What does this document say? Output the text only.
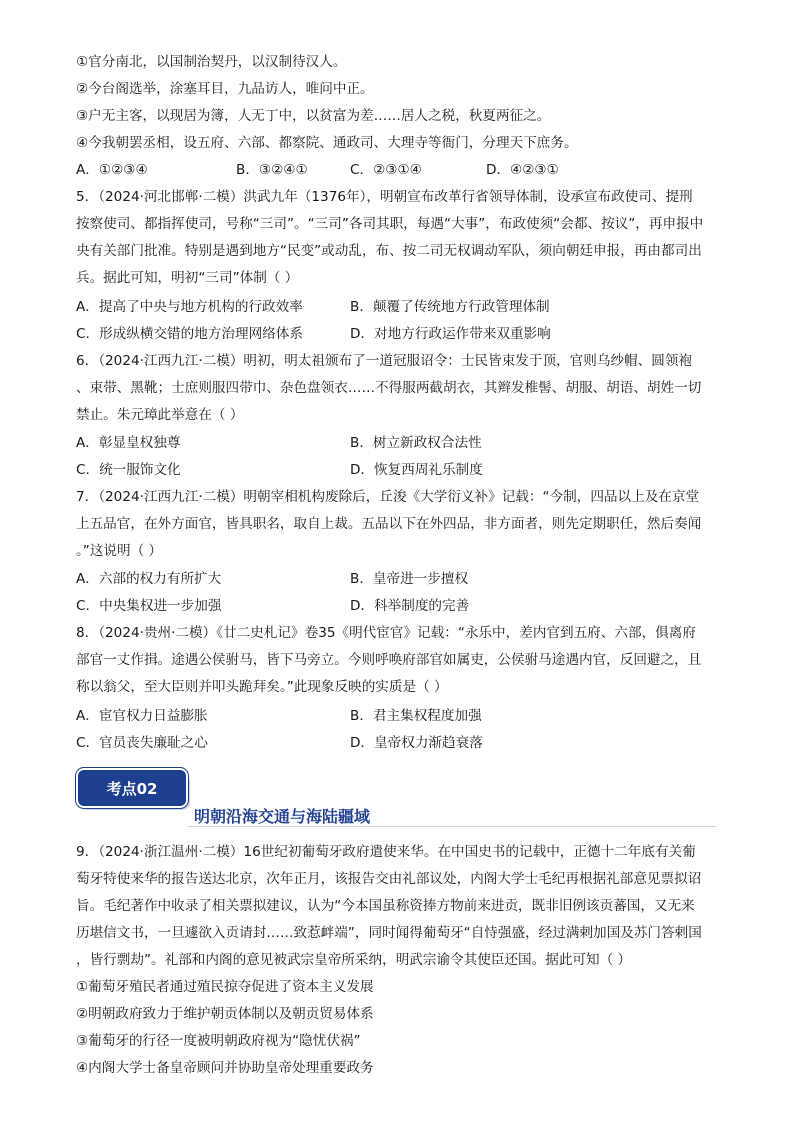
①官分南北，以国制治契丹，以汉制待汉人。
②今台阁选举，涂塞耳目，九品访人，唯问中正。
③户无主客，以现居为簿，人无丁中，以贫富为差……居人之税，秋夏两征之。
④今我朝罢丞相，设五府、六部、都察院、通政司、大理寺等衙门，分理天下庶务。
A．①②③④	B．③②④①	C．②③①④	D．④②③①
5．（2024·河北邯郸·二模）洪武九年（1376年），明朝宣布改革行省领导体制，设承宣布政使司、提刑
按察使司、都指挥使司，号称“三司”。“三司”各司其职，每遇“大事”，布政使须“会都、按议”，再申报中
央有关部门批准。特别是遇到地方“民变”或动乱，布、按二司无权调动军队，须向朝廷申报，再由都司出
兵。据此可知，明初“三司”体制（ ）
A．提高了中央与地方机构的行政效率	B．颠覆了传统地方行政管理体制
C．形成纵横交错的地方治理网络体系	D．对地方行政运作带来双重影响
6．（2024·江西九江·二模）明初，明太祖颁布了一道冠服诏令：士民皆束发于顶，官则乌纱帽、圆领袍
、束带、黑靴；士庶则服四带巾、杂色盘领衣……不得服两截胡衣，其辫发椎髻、胡服、胡语、胡姓一切
禁止。朱元璋此举意在（ ）
A．彰显皇权独尊	B．树立新政权合法性
C．统一服饰文化	D．恢复西周礼乐制度
7．（2024·江西九江·二模）明朝宰相机构废除后，丘浚《大学衍义补》记载：“今制，四品以上及在京堂
上五品官，在外方面官，皆具职名，取自上裁。五品以下在外四品，非方面者，则先定期职任，然后奏闻
。”这说明（ ）
A．六部的权力有所扩大	B．皇帝进一步擅权
C．中央集权进一步加强	D．科举制度的完善
8．（2024·贵州·二模）《廿二史札记》卷35《明代宦官》记载：“永乐中，差内官到五府、六部，俱离府
部官一丈作揖。途遇公侯驸马，皆下马旁立。今则呼唤府部官如属吏，公侯驸马途遇内官，反回避之，且
称以翁父，至大臣则并叩头跪拜矣。”此现象反映的实质是（ ）
A．宦官权力日益膨胀	B．君主集权程度加强
C．官员丧失廉耻之心	D．皇帝权力渐趋衰落
考点02
明朝沿海交通与海陆疆域
9．（2024·浙江温州·二模）16世纪初葡萄牙政府遣使来华。在中国史书的记载中，正德十二年底有关葡
萄牙特使来华的报告送达北京，次年正月，该报告交由礼部议处，内阁大学士毛纪再根据礼部意见票拟诏
旨。毛纪著作中收录了相关票拟建议，认为“今本国虽称资捧方物前来进贡，既非旧例该贡蕃国，又无来
历堪信文书，一旦遽欲入贡请封……致惹衅端”，同时闻得葡萄牙“自恃强盛，经过满剌加国及苏门答剌国
，皆行剽劫”。礼部和内阁的意见被武宗皇帝所采纳，明武宗谕令其使臣还国。据此可知（ ）
①葡萄牙殖民者通过殖民掠夺促进了资本主义发展
②明朝政府致力于维护朝贡体制以及朝贡贸易体系
③葡萄牙的行径一度被明朝政府视为“隐忧伏祸”
④内阁大学士备皇帝顾问并协助皇帝处理重要政务
